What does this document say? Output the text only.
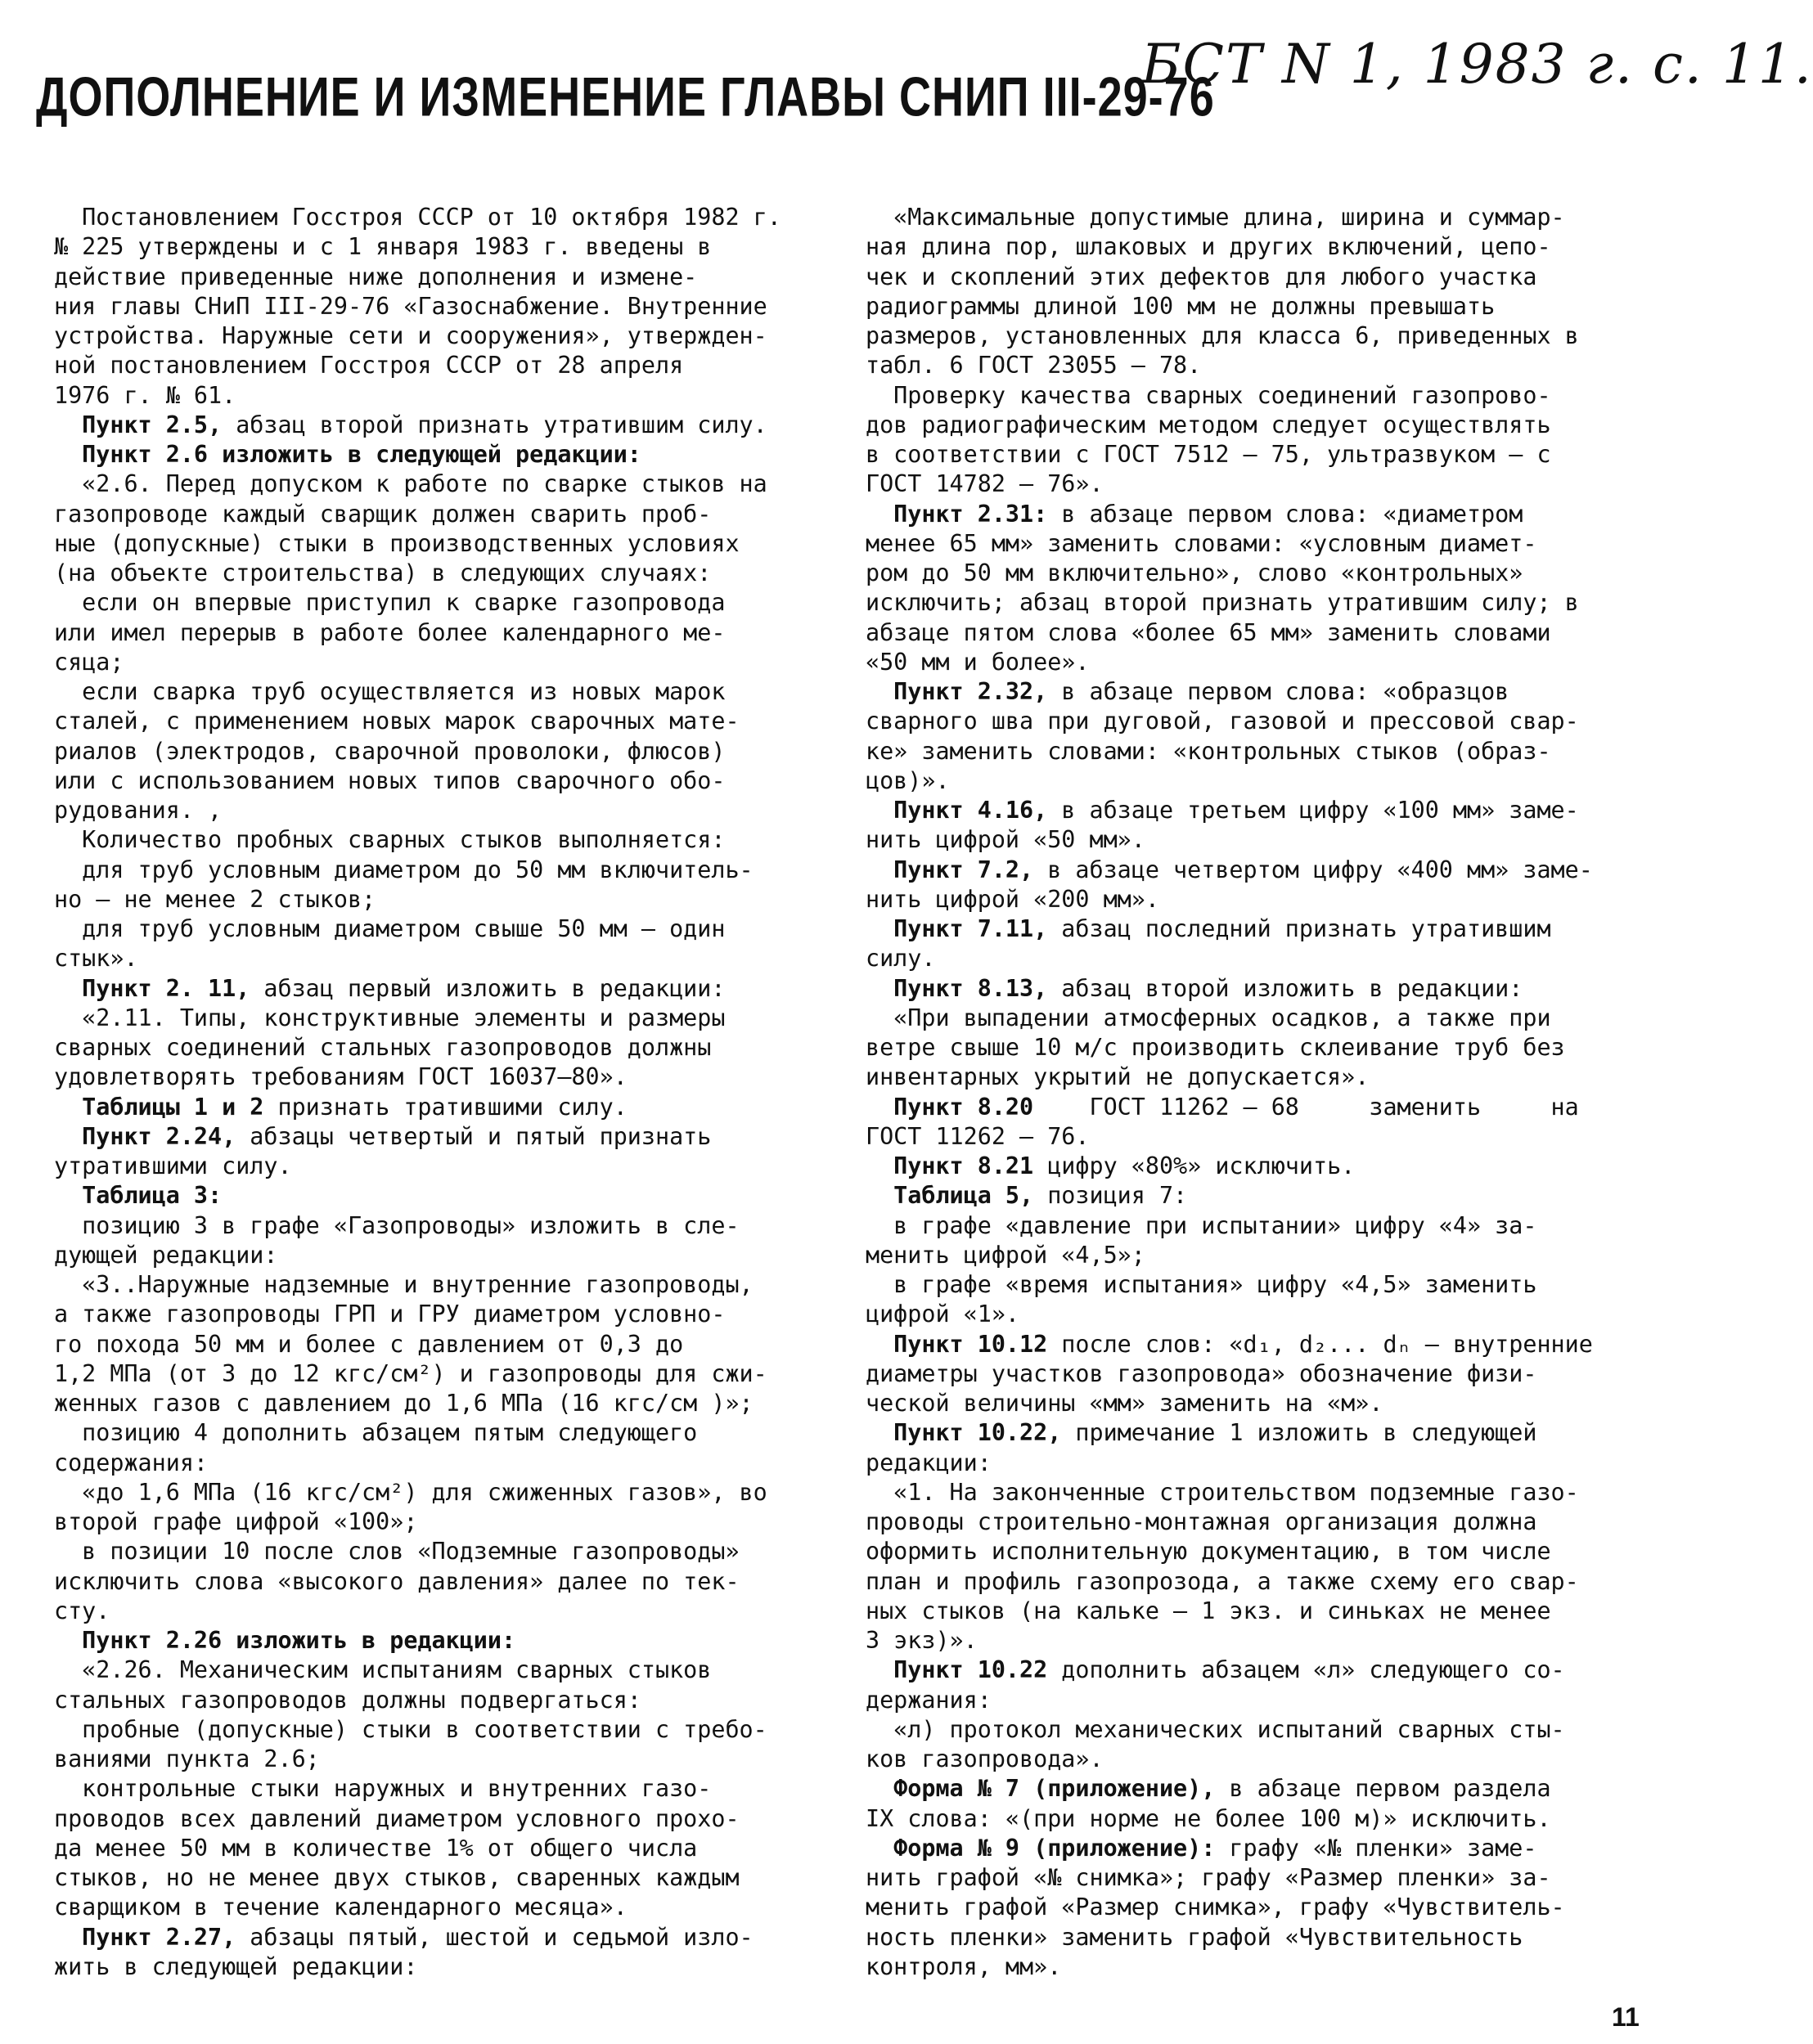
ДОПОЛНЕНИЕ И ИЗМЕНЕНИЕ ГЛАВЫ СНИП III-29-76
БСТ N 1, 1983 г. с. 11.
Постановлением Госстроя СССР от 10 октября 1982 г.
№ 225 утверждены и с 1 января 1983 г. введены в
действие приведенные ниже дополнения и измене-
ния главы СНиП III-29-76 «Газоснабжение. Внутренние
устройства. Наружные сети и сооружения», утвержден-
ной постановлением Госстроя СССР от 28 апреля
1976 г. № 61.
Пункт 2.5, абзац второй признать утратившим силу.
Пункт 2.6 изложить в следующей редакции:
«2.6. Перед допуском к работе по сварке стыков на
газопроводе каждый сварщик должен сварить проб-
ные (допускные) стыки в производственных условиях
(на объекте строительства) в следующих случаях:
если он впервые приступил к сварке газопровода
или имел перерыв в работе более календарного ме-
сяца;
если сварка труб осуществляется из новых марок
сталей, с применением новых марок сварочных мате-
риалов (электродов, сварочной проволоки, флюсов)
или с использованием новых типов сварочного обо-
рудования. ,
Количество пробных сварных стыков выполняется:
для труб условным диаметром до 50 мм включитель-
но — не менее 2 стыков;
для труб условным диаметром свыше 50 мм — один
стык».
Пункт 2. 11, абзац первый изложить в редакции:
«2.11. Типы, конструктивные элементы и размеры
сварных соединений стальных газопроводов должны
удовлетворять требованиям ГОСТ 16037—80».
Таблицы 1 и 2 признать тратившими силу.
Пункт 2.24, абзацы четвертый и пятый признать
утратившими силу.
Таблица 3:
позицию 3 в графе «Газопроводы» изложить в сле-
дующей редакции:
«3..Наружные надземные и внутренние газопроводы,
а также газопроводы ГРП и ГРУ диаметром условно-
го похода 50 мм и более с давлением от 0,3 до
1,2 МПа (от 3 до 12 кгс/см²) и газопроводы для сжи-
женных газов с давлением до 1,6 МПа (16 кгс/см )»;
позицию 4 дополнить абзацем пятым следующего
содержания:
«до 1,6 МПа (16 кгс/см²) для сжиженных газов», во
второй графе цифрой «100»;
в позиции 10 после слов «Подземные газопроводы»
исключить слова «высокого давления» далее по тек-
сту.
Пункт 2.26 изложить в редакции:
«2.26. Механическим испытаниям сварных стыков
стальных газопроводов должны подвергаться:
пробные (допускные) стыки в соответствии с требо-
ваниями пункта 2.6;
контрольные стыки наружных и внутренних газо-
проводов всех давлений диаметром условного прохо-
да менее 50 мм в количестве 1% от общего числа
стыков, но не менее двух стыков, сваренных каждым
сварщиком в течение календарного месяца».
Пункт 2.27, абзацы пятый, шестой и седьмой изло-
жить в следующей редакции:
«Максимальные допустимые длина, ширина и суммар-
ная длина пор, шлаковых и других включений, цепо-
чек и скоплений этих дефектов для любого участка
радиограммы длиной 100 мм не должны превышать
размеров, установленных для класса 6, приведенных в
табл. 6 ГОСТ 23055 — 78.
Проверку качества сварных соединений газопрово-
дов радиографическим методом следует осуществлять
в соответствии с ГОСТ 7512 — 75, ультразвуком — с
ГОСТ 14782 — 76».
Пункт 2.31: в абзаце первом слова: «диаметром
менее 65 мм» заменить словами: «условным диамет-
ром до 50 мм включительно», слово «контрольных»
исключить; абзац второй признать утратившим силу; в
абзаце пятом слова «более 65 мм» заменить словами
«50 мм и более».
Пункт 2.32, в абзаце первом слова: «образцов
сварного шва при дуговой, газовой и прессовой свар-
ке» заменить словами: «контрольных стыков (образ-
цов)».
Пункт 4.16, в абзаце третьем цифру «100 мм» заме-
нить цифрой «50 мм».
Пункт 7.2, в абзаце четвертом цифру «400 мм» заме-
нить цифрой «200 мм».
Пункт 7.11, абзац последний признать утратившим
силу.
Пункт 8.13, абзац второй изложить в редакции:
«При выпадении атмосферных осадков, а также при
ветре свыше 10 м/с производить склеивание труб без
инвентарных укрытий не допускается».
Пункт 8.20    ГОСТ 11262 — 68     заменить     на
ГОСТ 11262 — 76.
Пункт 8.21 цифру «80%» исключить.
Таблица 5, позиция 7:
в графе «давление при испытании» цифру «4» за-
менить цифрой «4,5»;
в графе «время испытания» цифру «4,5» заменить
цифрой «1».
Пункт 10.12 после слов: «d₁, d₂... dₙ — внутренние
диаметры участков газопровода» обозначение физи-
ческой величины «мм» заменить на «м».
Пункт 10.22, примечание 1 изложить в следующей
редакции:
«1. На законченные строительством подземные газо-
проводы строительно-монтажная организация должна
оформить исполнительную документацию, в том числе
план и профиль газопрозода, а также схему его свар-
ных стыков (на кальке — 1 экз. и синьках не менее
3 экз)».
Пункт 10.22 дополнить абзацем «л» следующего со-
держания:
«л) протокол механических испытаний сварных сты-
ков газопровода».
Форма № 7 (приложение), в абзаце первом раздела
IX слова: «(при норме не более 100 м)» исключить.
Форма № 9 (приложение): графу «№ пленки» заме-
нить графой «№ снимка»; графу «Размер пленки» за-
менить графой «Размер снимка», графу «Чувствитель-
ность пленки» заменить графой «Чувствительность
контроля, мм».
11
